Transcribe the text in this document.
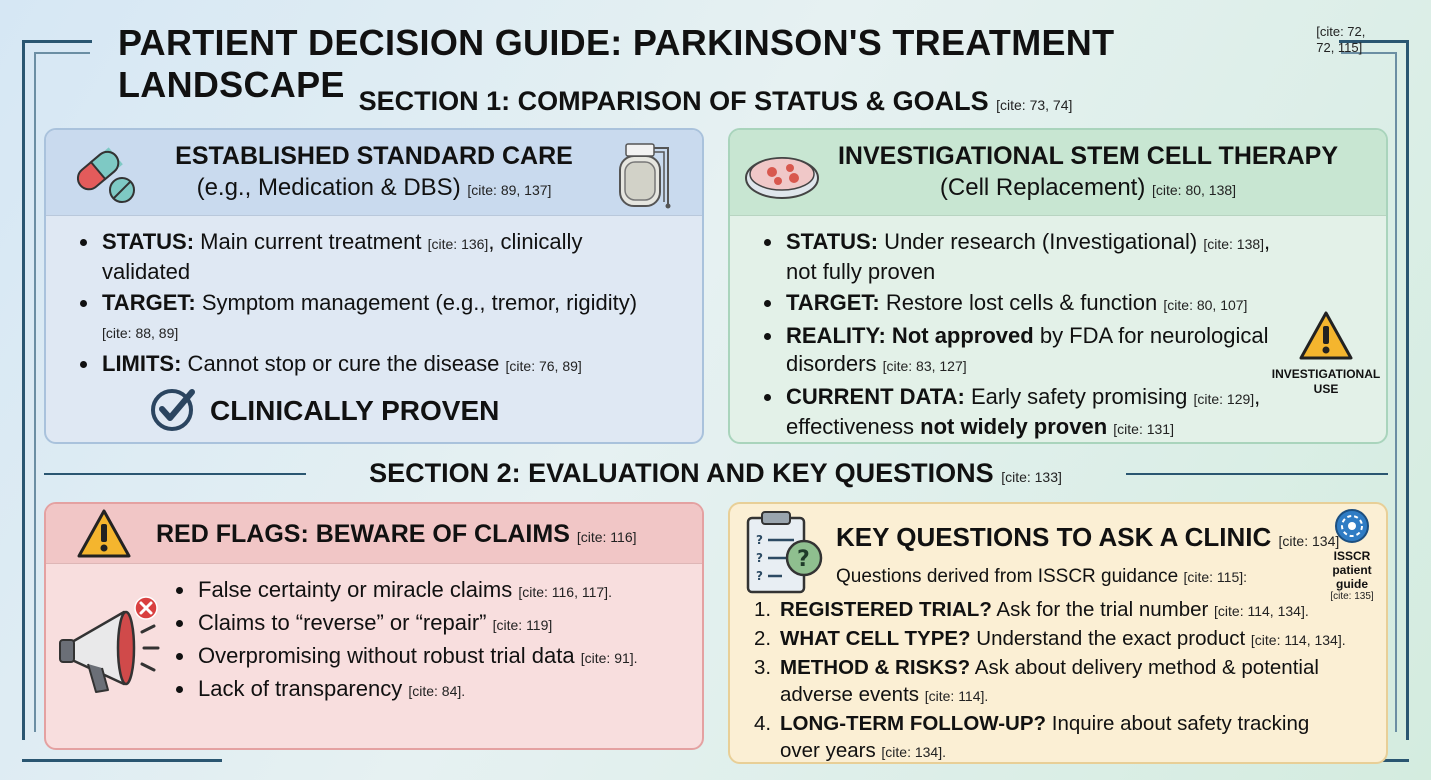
PARTIENT DECISION GUIDE: PARKINSON'S TREATMENT LANDSCAPE
[cite: 72, 72, 115]
SECTION 1: COMPARISON OF STATUS & GOALS [cite: 73, 74]
ESTABLISHED STANDARD CARE
(e.g., Medication & DBS) [cite: 89, 137]
STATUS: Main current treatment [cite: 136], clinically validated
TARGET: Symptom management (e.g., tremor, rigidity) [cite: 88, 89]
LIMITS: Cannot stop or cure the disease [cite: 76, 89]
CLINICALLY PROVEN
INVESTIGATIONAL STEM CELL THERAPY
(Cell Replacement) [cite: 80, 138]
STATUS: Under research (Investigational) [cite: 138], not fully proven
TARGET: Restore lost cells & function [cite: 80, 107]
REALITY: Not approved by FDA for neurological disorders [cite: 83, 127]
CURRENT DATA: Early safety promising [cite: 129], effectiveness not widely proven [cite: 131]
INVESTIGATIONAL USE
SECTION 2: EVALUATION AND KEY QUESTIONS [cite: 133]
RED FLAGS: BEWARE OF CLAIMS [cite: 116]
False certainty or miracle claims [cite: 116, 117].
Claims to “reverse” or “repair” [cite: 119]
Overpromising without robust trial data [cite: 91].
Lack of transparency [cite: 84].
?
?
?
?
KEY QUESTIONS TO ASK A CLINIC [cite: 134]
Questions derived from ISSCR guidance [cite: 115]:
ISSCR patient guide
[cite: 135]
1. REGISTERED TRIAL? Ask for the trial number [cite: 114, 134].
2. WHAT CELL TYPE? Understand the exact product [cite: 114, 134].
3. METHOD & RISKS? Ask about delivery method & potential adverse events [cite: 114].
4. LONG-TERM FOLLOW-UP? Inquire about safety tracking over years [cite: 134].
